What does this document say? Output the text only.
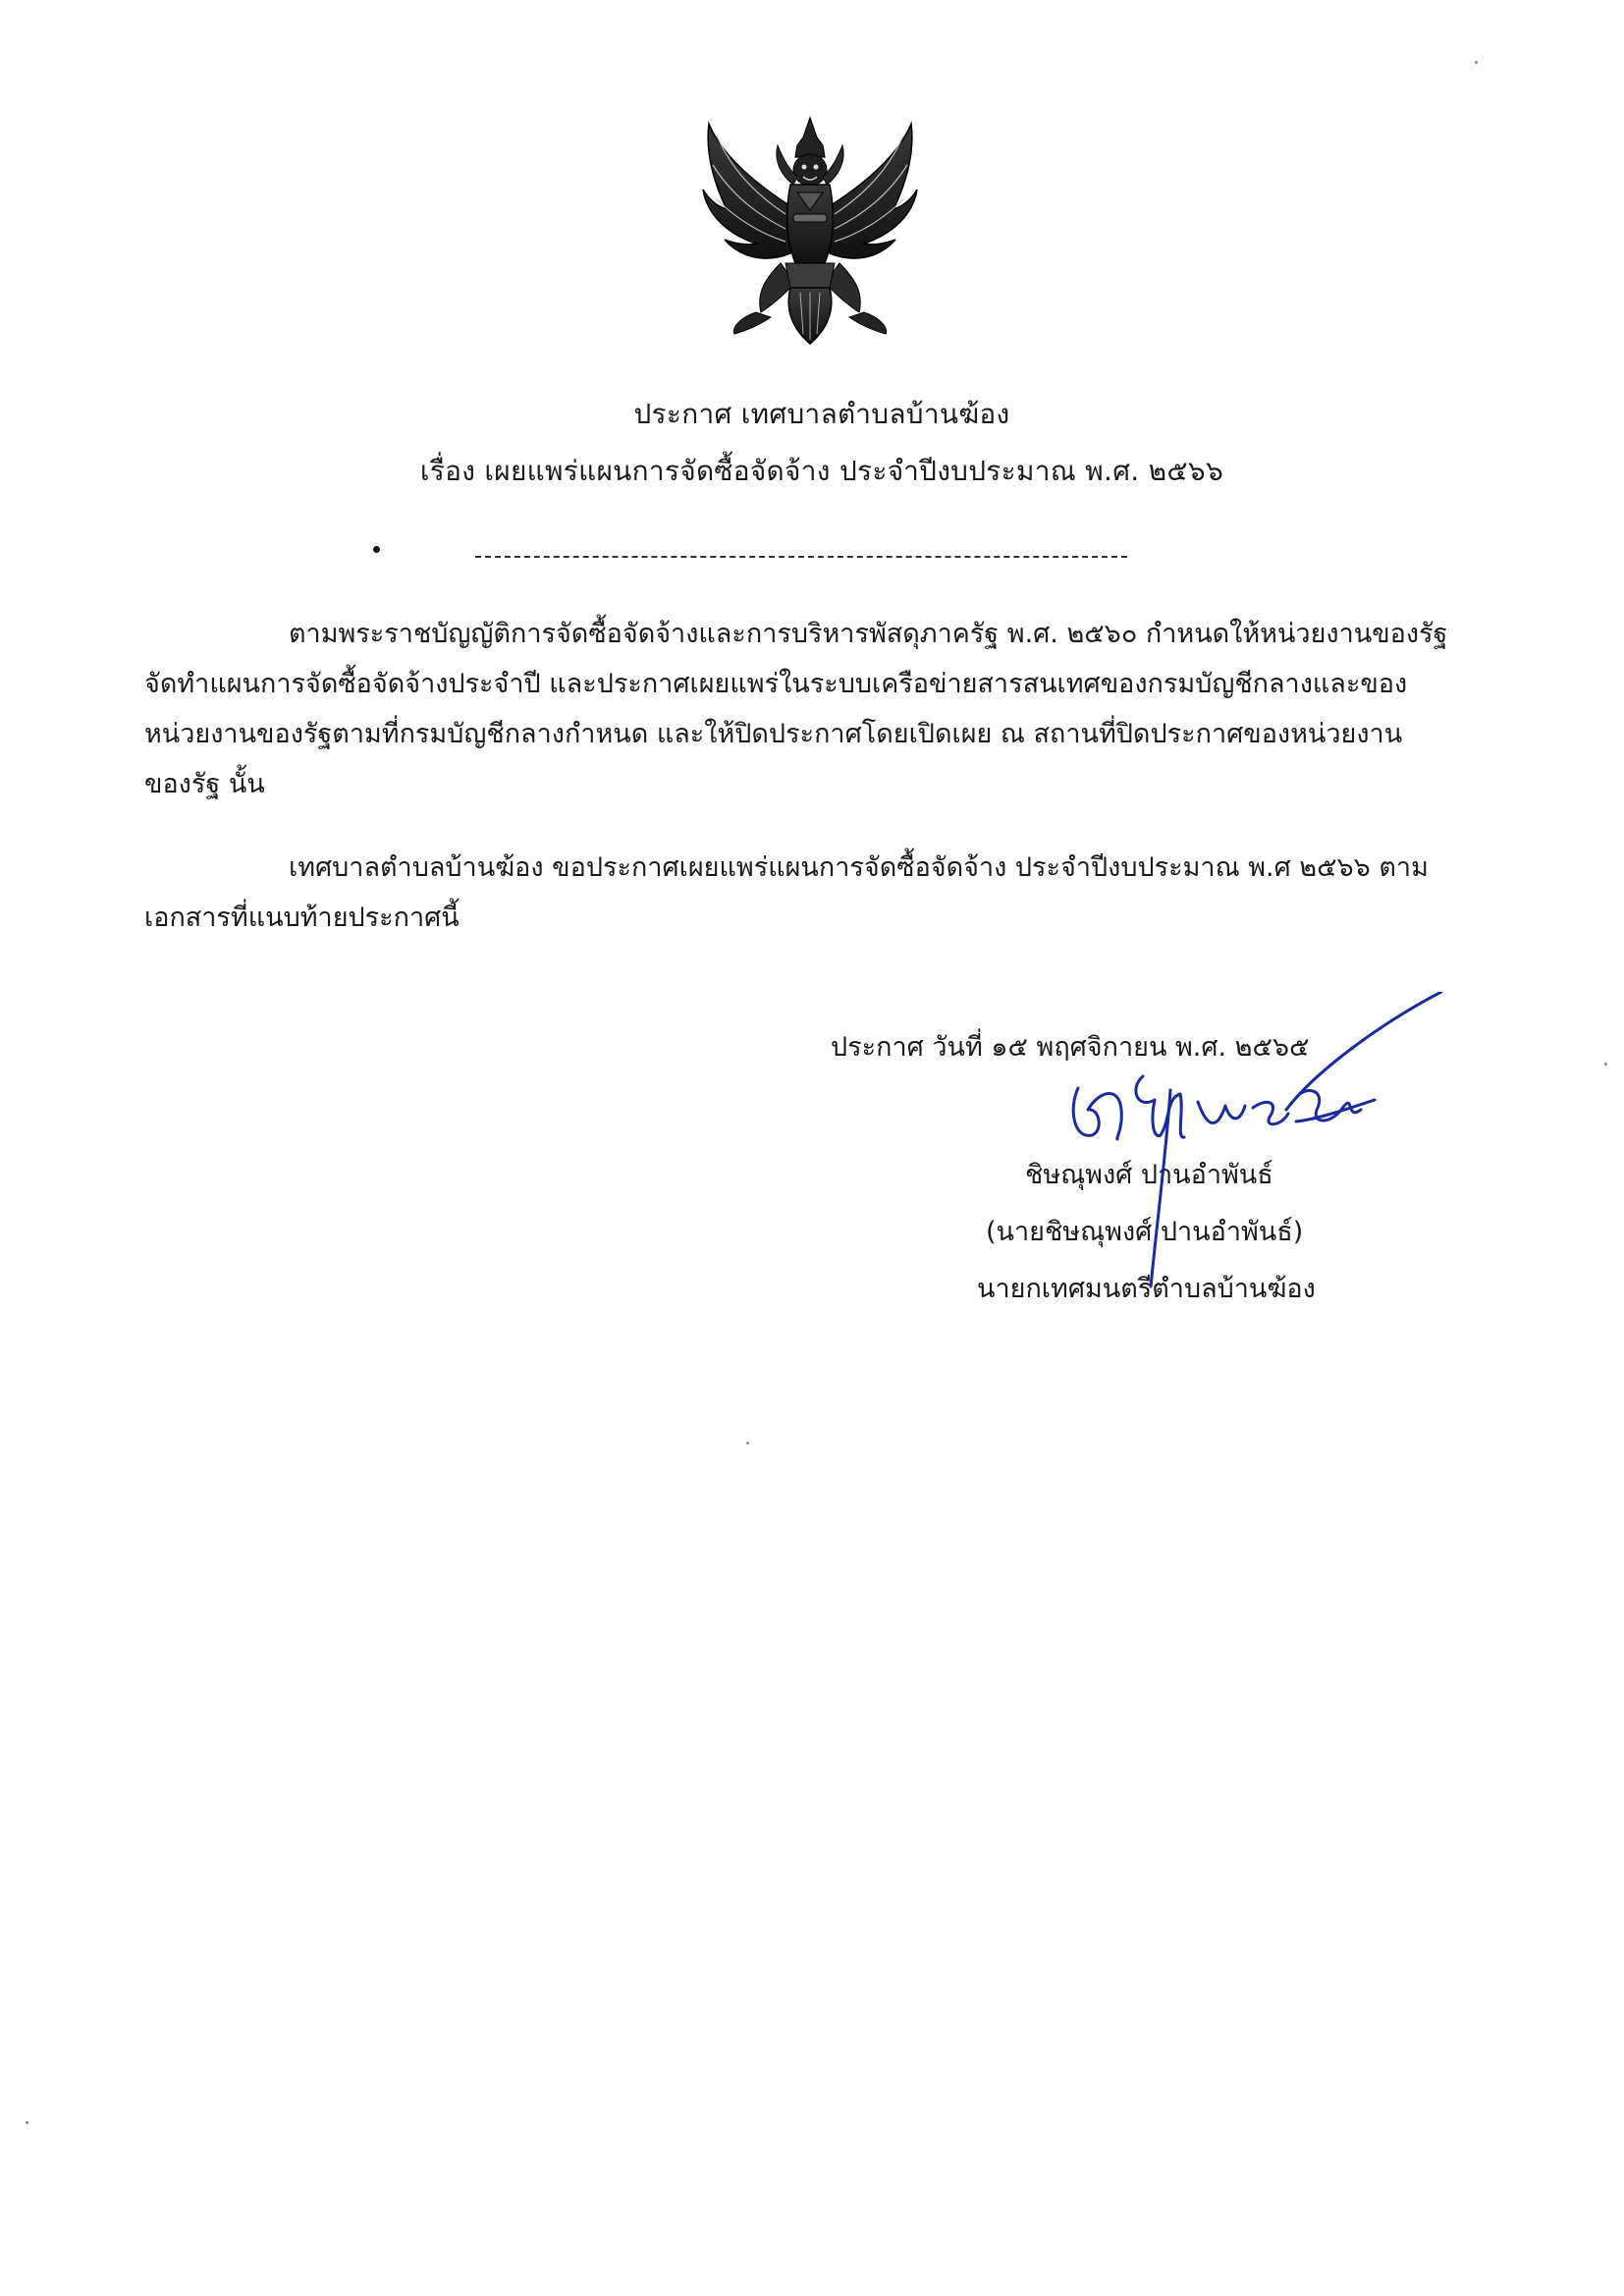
ประกาศ เทศบาลตำบลบ้านฆ้อง
เรื่อง เผยแพร่แผนการจัดซื้อจัดจ้าง ประจำปีงบประมาณ พ.ศ. ๒๕๖๖
ตามพระราชบัญญัติการจัดซื้อจัดจ้างและการบริหารพัสดุภาครัฐ พ.ศ. ๒๕๖๐ กำหนดให้หน่วยงานของรัฐ
จัดทำแผนการจัดซื้อจัดจ้างประจำปี และประกาศเผยแพร่ในระบบเครือข่ายสารสนเทศของกรมบัญชีกลางและของ
หน่วยงานของรัฐตามที่กรมบัญชีกลางกำหนด และให้ปิดประกาศโดยเปิดเผย ณ สถานที่ปิดประกาศของหน่วยงาน
ของรัฐ นั้น
เทศบาลตำบลบ้านฆ้อง ขอประกาศเผยแพร่แผนการจัดซื้อจัดจ้าง ประจำปีงบประมาณ พ.ศ ๒๕๖๖ ตาม
เอกสารที่แนบท้ายประกาศนี้
ประกาศ วันที่ ๑๕ พฤศจิกายน พ.ศ. ๒๕๖๕
ชิษณุพงศ์ ปานอำพันธ์
(นายชิษณุพงศ์ ปานอำพันธ์)
นายกเทศมนตรีตำบลบ้านฆ้อง
